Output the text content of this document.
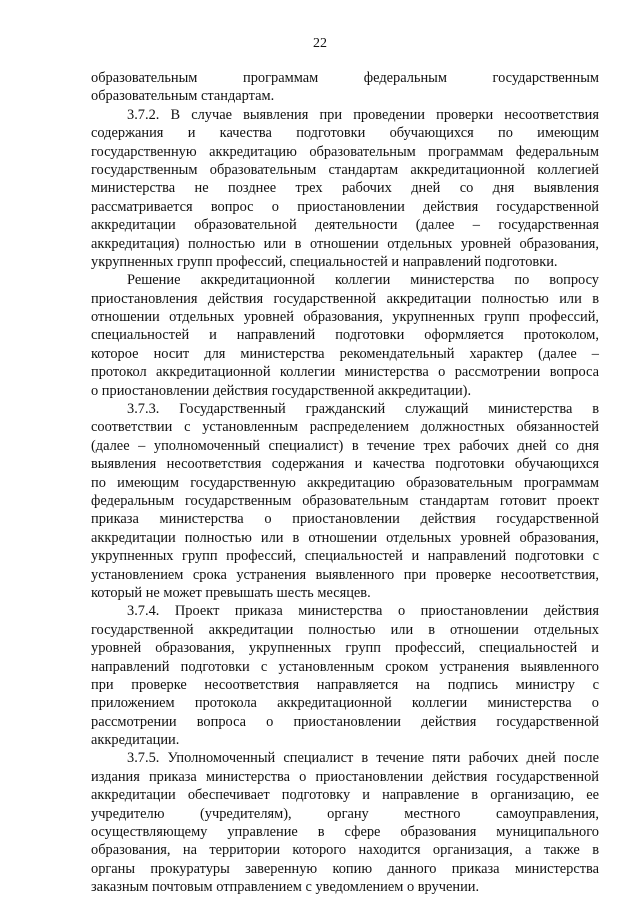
22
образовательным программам федеральным государственным
образовательным стандартам.
3.7.2. В случае выявления при проведении проверки несоответствия
содержания и качества подготовки обучающихся по имеющим
государственную аккредитацию образовательным программам федеральным
государственным образовательным стандартам аккредитационной коллегией
министерства не позднее трех рабочих дней со дня выявления
рассматривается вопрос о приостановлении действия государственной
аккредитации образовательной деятельности (далее – государственная
аккредитация) полностью или в отношении отдельных уровней образования,
укрупненных групп профессий, специальностей и направлений подготовки.
Решение аккредитационной коллегии министерства по вопросу
приостановления действия государственной аккредитации полностью или в
отношении отдельных уровней образования, укрупненных групп профессий,
специальностей и направлений подготовки оформляется протоколом,
которое носит для министерства рекомендательный характер (далее –
протокол аккредитационной коллегии министерства о рассмотрении вопроса
о приостановлении действия государственной аккредитации).
3.7.3. Государственный гражданский служащий министерства в
соответствии с установленным распределением должностных обязанностей
(далее – уполномоченный специалист) в течение трех рабочих дней со дня
выявления несоответствия содержания и качества подготовки обучающихся
по имеющим государственную аккредитацию образовательным программам
федеральным государственным образовательным стандартам готовит проект
приказа министерства о приостановлении действия государственной
аккредитации полностью или в отношении отдельных уровней образования,
укрупненных групп профессий, специальностей и направлений подготовки с
установлением срока устранения выявленного при проверке несоответствия,
который не может превышать шесть месяцев.
3.7.4. Проект приказа министерства о приостановлении действия
государственной аккредитации полностью или в отношении отдельных
уровней образования, укрупненных групп профессий, специальностей и
направлений подготовки с установленным сроком устранения выявленного
при проверке несоответствия направляется на подпись министру с
приложением протокола аккредитационной коллегии министерства о
рассмотрении вопроса о приостановлении действия государственной
аккредитации.
3.7.5. Уполномоченный специалист в течение пяти рабочих дней после
издания приказа министерства о приостановлении действия государственной
аккредитации обеспечивает подготовку и направление в организацию, ее
учредителю (учредителям), органу местного самоуправления,
осуществляющему управление в сфере образования муниципального
образования, на территории которого находится организация, а также в
органы прокуратуры заверенную копию данного приказа министерства
заказным почтовым отправлением с уведомлением о вручении.
